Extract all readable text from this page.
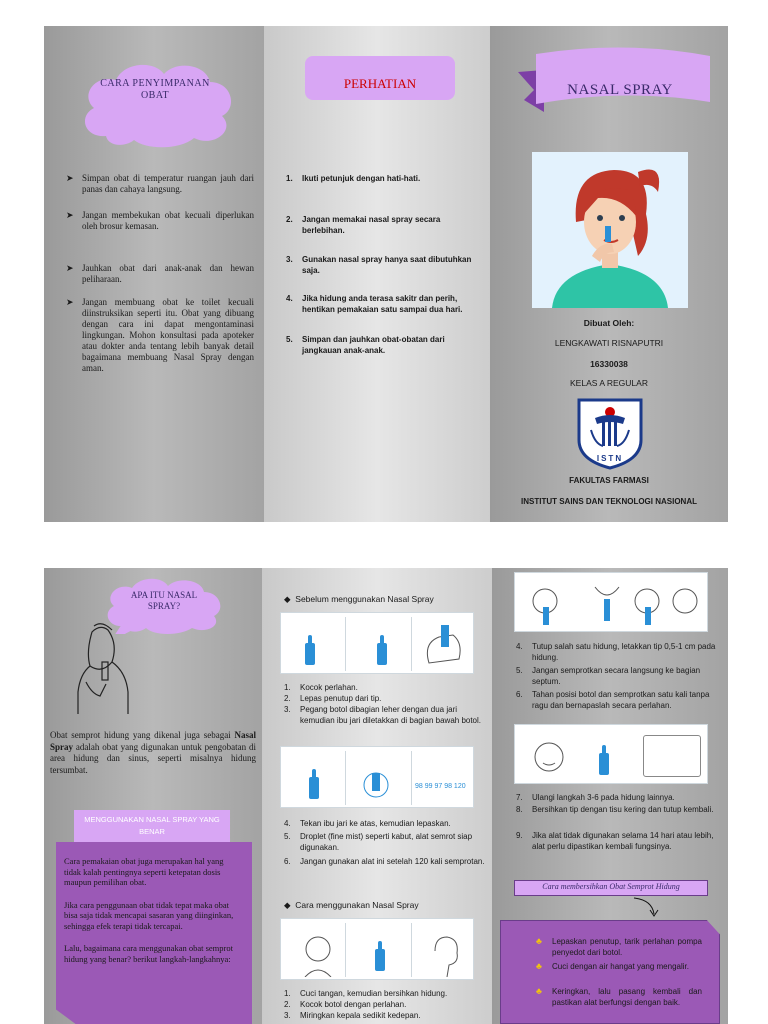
CARA PENYIMPANAN OBAT
➤ Simpan obat di temperatur ruangan jauh dari panas dan cahaya langsung.
➤ Jangan membekukan obat kecuali diperlukan oleh brosur kemasan.
➤ Jauhkan obat dari anak-anak dan hewan peliharaan.
➤ Jangan membuang obat ke toilet kecuali diinstruksikan seperti itu. Obat yang dibuang dengan cara ini dapat mengontaminasi lingkungan. Mohon konsultasi pada apoteker atau dokter anda tentang lebih banyak detail bagaimana membuang Nasal Spray dengan aman.
PERHATIAN
1. Ikuti petunjuk dengan hati-hati.
2. Jangan memakai nasal spray secara berlebihan.
3. Gunakan nasal spray hanya saat dibutuhkan saja.
4. Jika hidung anda terasa sakitr dan perih, hentikan pemakaian satu sampai dua hari.
5. Simpan dan jauhkan obat-obatan dari jangkauan anak-anak.
NASAL SPRAY
Dibuat Oleh:
LENGKAWATI RISNAPUTRI
16330038
KELAS A REGULAR
ISTN
FAKULTAS FARMASI
INSTITUT SAINS DAN TEKNOLOGI NASIONAL
APA ITU NASAL SPRAY?
Obat semprot hidung yang dikenal juga sebagai Nasal Spray adalah obat yang digunakan untuk pengobatan di area hidung dan sinus, seperti misalnya hidung tersumbat.
MENGGUNAKAN NASAL SPRAY YANG BENAR
Cara pemakaian obat juga merupakan hal yang tidak kalah pentingnya seperti ketepatan dosis maupun pemilihan obat.
Jika cara penggunaan obat tidak tepat maka obat bisa saja tidak mencapai sasaran yang diinginkan, sehingga efek terapi tidak tercapai.
Lalu, bagaimana cara menggunakan obat semprot hidung yang benar? berikut langkah-langkahnya:
◆ Sebelum menggunakan Nasal Spray
1. Kocok perlahan.
2. Lepas penutup dari tip.
3. Pegang botol dibagian leher dengan dua jari kemudian ibu jari diletakkan di bagian bawah botol.
98 99 97 98 120
4. Tekan ibu jari ke atas, kemudian lepaskan.
5. Droplet (fine mist) seperti kabut, alat semrot siap digunakan.
6. Jangan gunakan alat ini setelah 120 kali semprotan.
◆ Cara menggunakan Nasal Spray
1. Cuci tangan, kemudian bersihkan hidung.
2. Kocok botol dengan perlahan.
3. Miringkan kepala sedikit kedepan.
4. Tutup salah satu hidung, letakkan tip 0,5-1 cm pada hidung.
5. Jangan semprotkan secara langsung ke bagian septum.
6. Tahan posisi botol dan semprotkan satu kali tanpa ragu dan bernapaslah secara perlahan.
7. Ulangi langkah 3-6 pada hidung lainnya.
8. Bersihkan tip dengan tisu kering dan tutup kembali.
9. Jika alat tidak digunakan selama 14 hari atau lebih, alat perlu dipastikan kembali fungsinya.
Cara membersihkan Obat Semprot Hidung
♣ Lepaskan penutup, tarik perlahan pompa penyedot dari botol.
♣ Cuci dengan air hangat yang mengalir.
♣ Keringkan, lalu pasang kembali dan pastikan alat berfungsi dengan baik.
